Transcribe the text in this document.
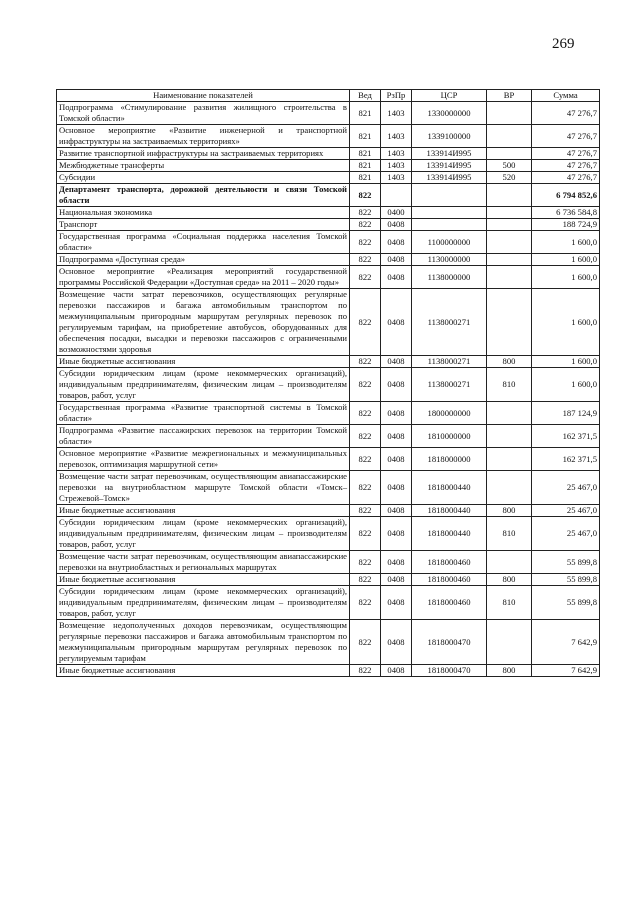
269
Наименование показателей	Вед	РзПр	ЦСР	ВР	Сумма
Подпрограмма «Стимулирование развития жилищного строительства в Томской области»	821	1403	1330000000		47 276,7
Основное мероприятие «Развитие инженерной и транспортной инфраструктуры на застраиваемых территориях»	821	1403	1339100000		47 276,7
Развитие транспортной инфраструктуры на застраиваемых территориях	821	1403	133914И995		47 276,7
Межбюджетные трансферты	821	1403	133914И995	500	47 276,7
Субсидии	821	1403	133914И995	520	47 276,7
Департамент транспорта, дорожной деятельности и связи Томской области	822				6 794 852,6
Национальная экономика	822	0400			6 736 584,8
Транспорт	822	0408			188 724,9
Государственная программа «Социальная поддержка населения Томской области»	822	0408	1100000000		1 600,0
Подпрограмма «Доступная среда»	822	0408	1130000000		1 600,0
Основное мероприятие «Реализация мероприятий государственной программы Российской Федерации «Доступная среда» на 2011 – 2020 годы»	822	0408	1138000000		1 600,0
Возмещение части затрат перевозчиков, осуществляющих регулярные перевозки пассажиров и багажа автомобильным транспортом по межмуниципальным пригородным маршрутам регулярных перевозок по регулируемым тарифам, на приобретение автобусов, оборудованных для обеспечения посадки, высадки и перевозки пассажиров с ограниченными возможностями здоровья	822	0408	1138000271		1 600,0
Иные бюджетные ассигнования	822	0408	1138000271	800	1 600,0
Субсидии юридическим лицам (кроме некоммерческих организаций), индивидуальным предпринимателям, физическим лицам – производителям товаров, работ, услуг	822	0408	1138000271	810	1 600,0
Государственная программа «Развитие транспортной системы в Томской области»	822	0408	1800000000		187 124,9
Подпрограмма «Развитие пассажирских перевозок на территории Томской области»	822	0408	1810000000		162 371,5
Основное мероприятие «Развитие межрегиональных и межмуниципальных перевозок, оптимизация маршрутной сети»	822	0408	1818000000		162 371,5
Возмещение части затрат перевозчикам, осуществляющим авиапассажирские перевозки на внутриобластном маршруте Томской области «Томск–Стрежевой–Томск»	822	0408	1818000440		25 467,0
Иные бюджетные ассигнования	822	0408	1818000440	800	25 467,0
Субсидии юридическим лицам (кроме некоммерческих организаций), индивидуальным предпринимателям, физическим лицам – производителям товаров, работ, услуг	822	0408	1818000440	810	25 467,0
Возмещение части затрат перевозчикам, осуществляющим авиапассажирские перевозки на внутриобластных и региональных маршрутах	822	0408	1818000460		55 899,8
Иные бюджетные ассигнования	822	0408	1818000460	800	55 899,8
Субсидии юридическим лицам (кроме некоммерческих организаций), индивидуальным предпринимателям, физическим лицам – производителям товаров, работ, услуг	822	0408	1818000460	810	55 899,8
Возмещение недополученных доходов перевозчикам, осуществляющим регулярные перевозки пассажиров и багажа автомобильным транспортом по межмуниципальным пригородным маршрутам регулярных перевозок по регулируемым тарифам	822	0408	1818000470		7 642,9
Иные бюджетные ассигнования	822	0408	1818000470	800	7 642,9
